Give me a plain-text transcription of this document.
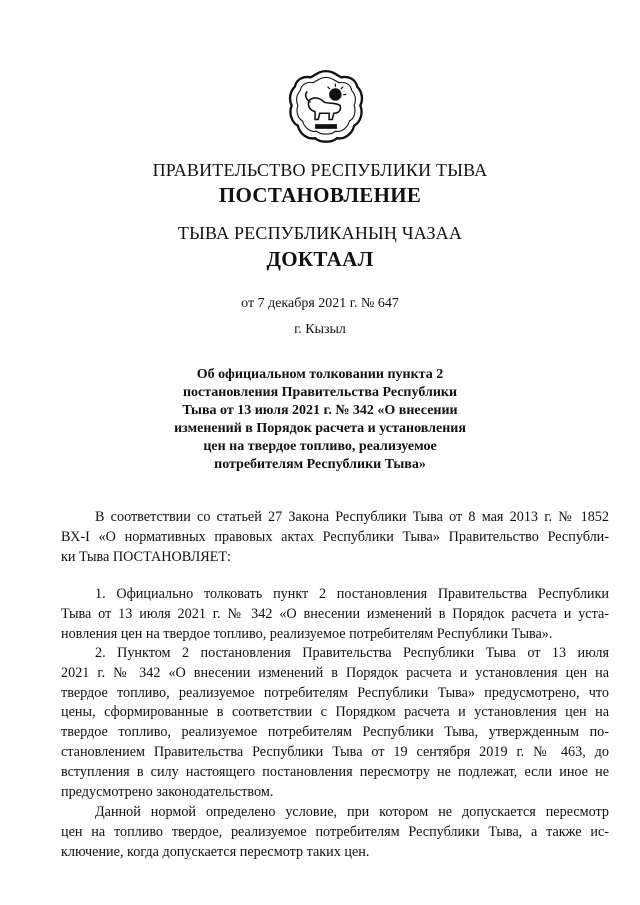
ПРАВИТЕЛЬСТВО РЕСПУБЛИКИ ТЫВА
ПОСТАНОВЛЕНИЕ
ТЫВА РЕСПУБЛИКАНЫҢ ЧАЗАА
ДОКТААЛ
от 7 декабря 2021 г. № 647
г. Кызыл
Об официальном толковании пункта 2
постановления Правительства Республики
Тыва от 13 июля 2021 г. № 342 «О внесении
изменений в Порядок расчета и установления
цен на твердое топливо, реализуемое
потребителям Республики Тыва»
В соответствии со статьей 27 Закона Республики Тыва от 8 мая 2013 г. № 1852
ВХ-I «О нормативных правовых актах Республики Тыва» Правительство Республи-
ки Тыва ПОСТАНОВЛЯЕТ:
1. Официально толковать пункт 2 постановления Правительства Республики
Тыва от 13 июля 2021 г. № 342 «О внесении изменений в Порядок расчета и уста-
новления цен на твердое топливо, реализуемое потребителям Республики Тыва».
2. Пунктом 2 постановления Правительства Республики Тыва от 13 июля
2021 г. № 342 «О внесении изменений в Порядок расчета и установления цен на
твердое топливо, реализуемое потребителям Республики Тыва» предусмотрено, что
цены, сформированные в соответствии с Порядком расчета и установления цен на
твердое топливо, реализуемое потребителям Республики Тыва, утвержденным по-
становлением Правительства Республики Тыва от 19 сентября 2019 г. № 463, до
вступления в силу настоящего постановления пересмотру не подлежат, если иное не
предусмотрено законодательством.
Данной нормой определено условие, при котором не допускается пересмотр
цен на топливо твердое, реализуемое потребителям Республики Тыва, а также ис-
ключение, когда допускается пересмотр таких цен.
